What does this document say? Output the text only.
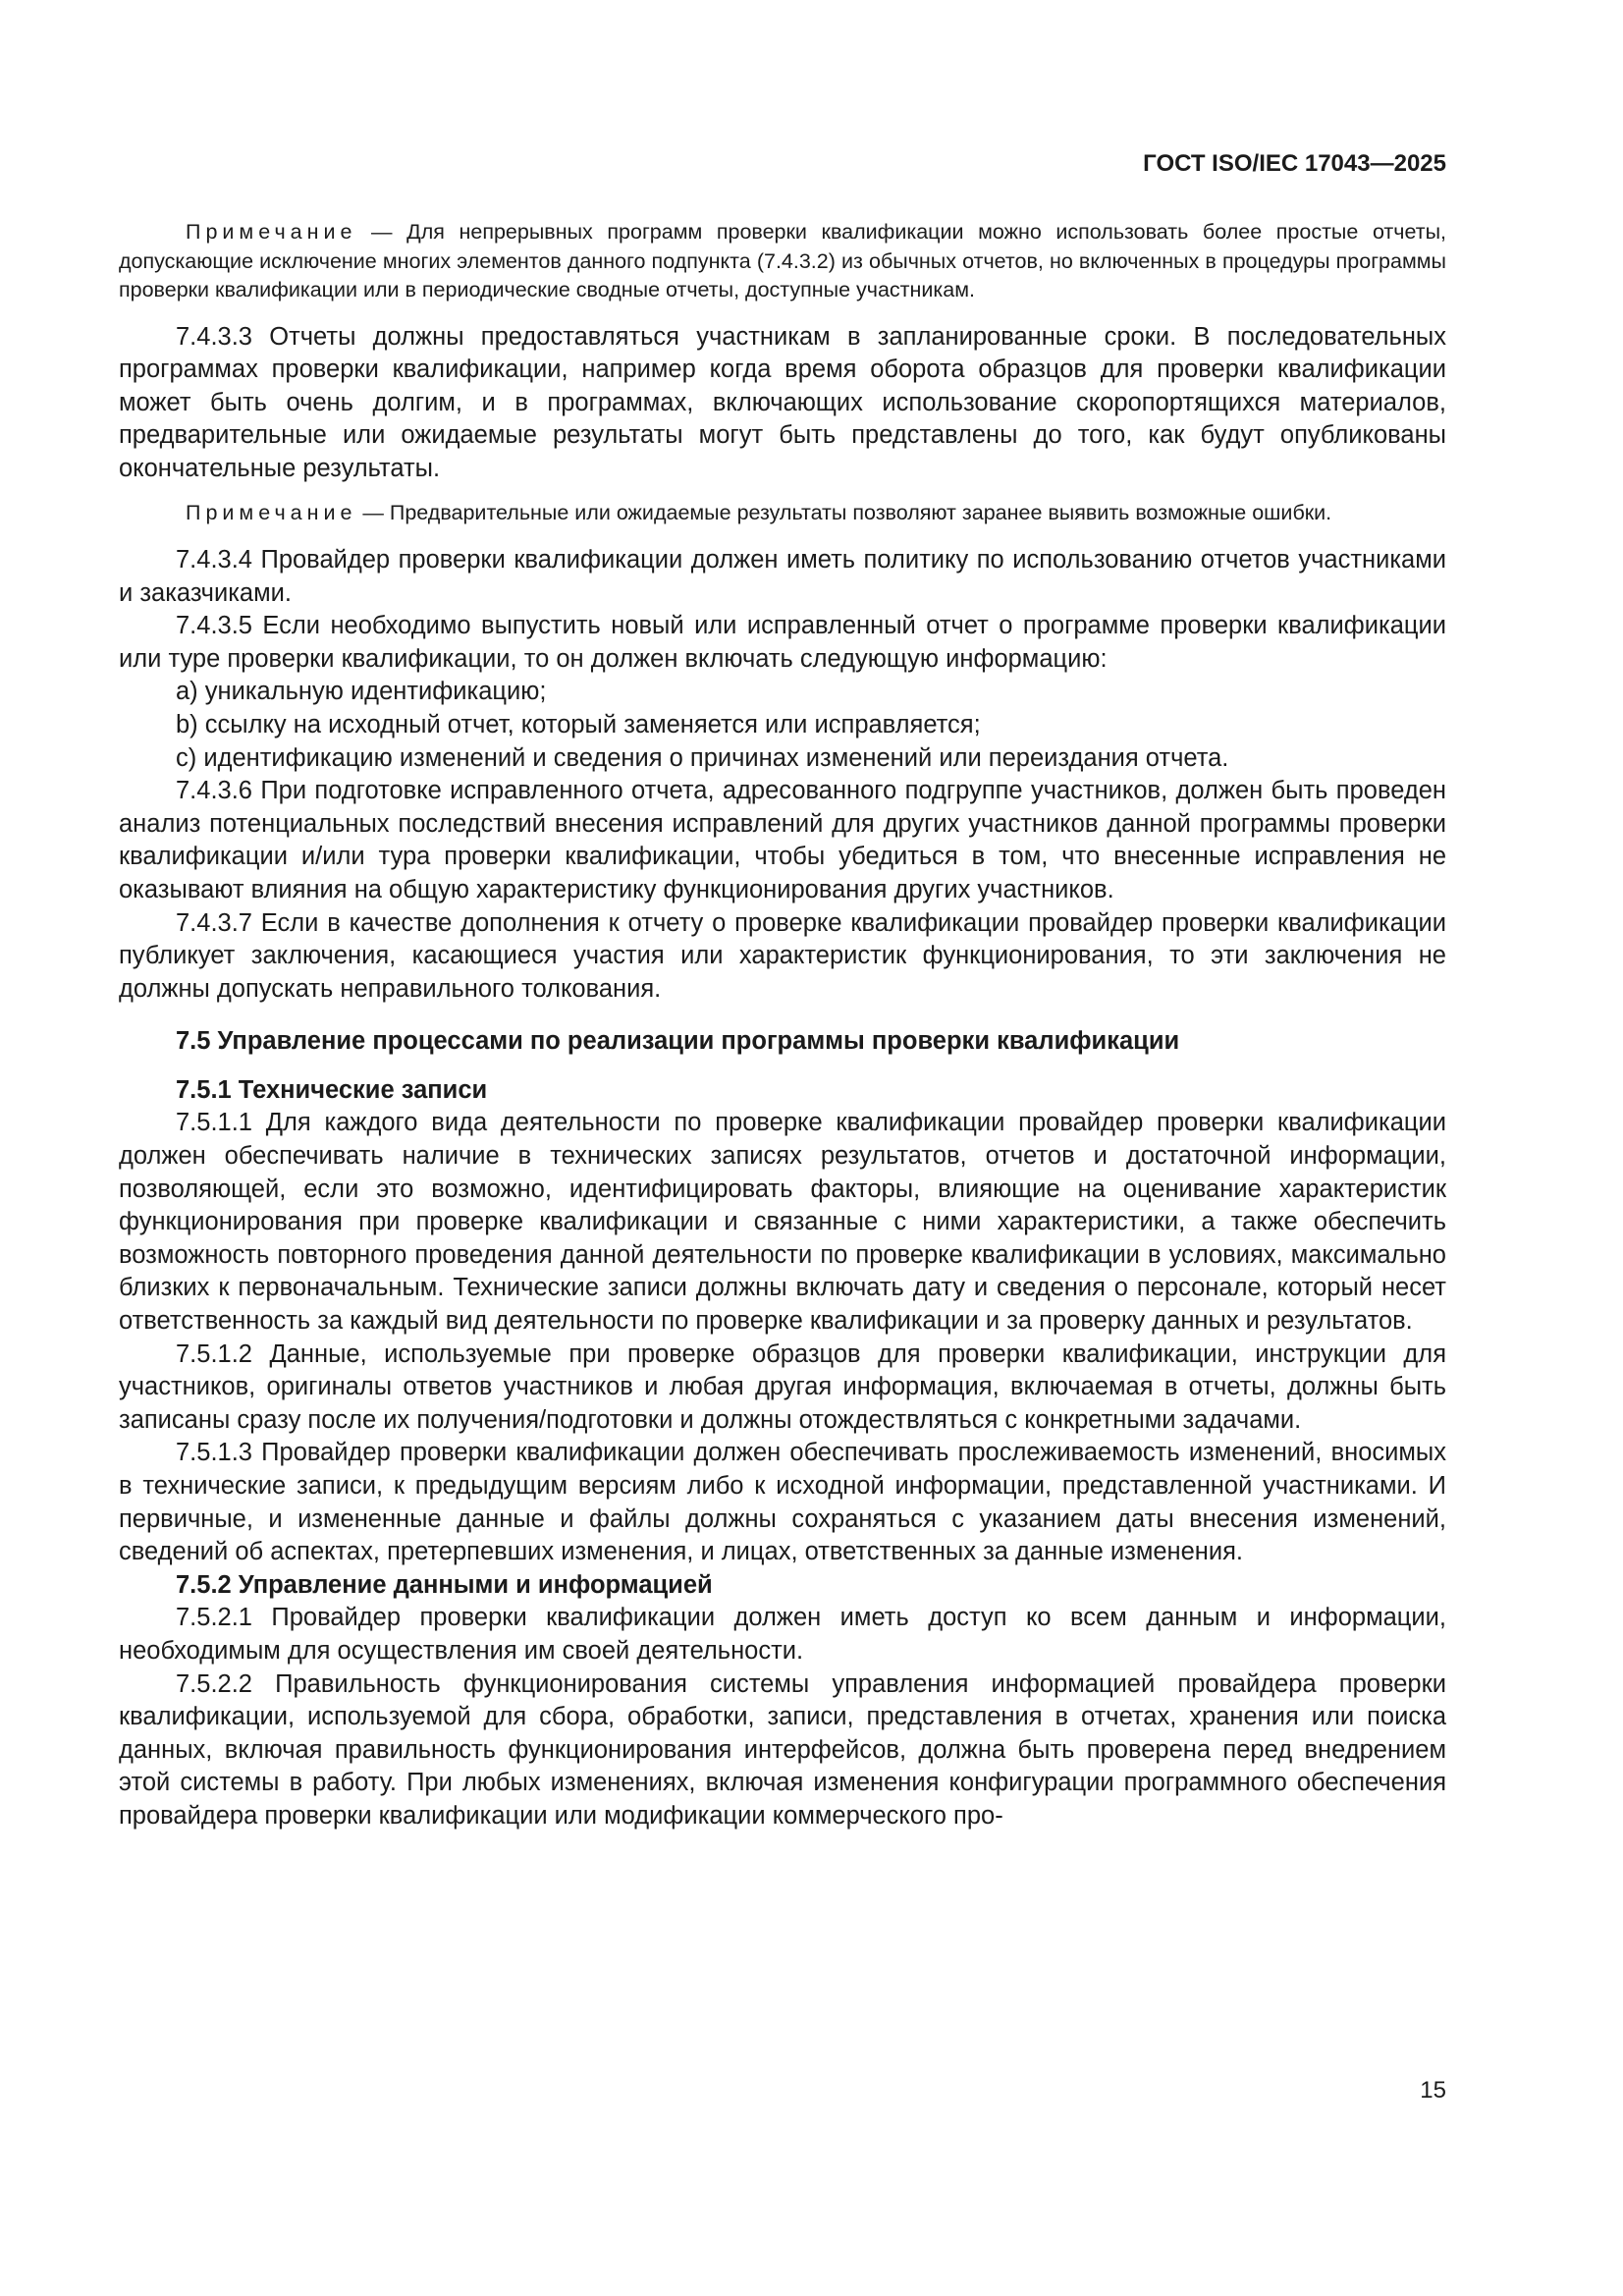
ГОСТ ISO/IEC 17043—2025

Примечание — Для непрерывных программ проверки квалификации можно использовать более простые отчеты, допускающие исключение многих элементов данного подпункта (7.4.3.2) из обычных отчетов, но включенных в процедуры программы проверки квалификации или в периодические сводные отчеты, доступные участникам.

7.4.3.3 Отчеты должны предоставляться участникам в запланированные сроки. В последовательных программах проверки квалификации, например когда время оборота образцов для проверки квалификации может быть очень долгим, и в программах, включающих использование скоропортящихся материалов, предварительные или ожидаемые результаты могут быть представлены до того, как будут опубликованы окончательные результаты.

Примечание — Предварительные или ожидаемые результаты позволяют заранее выявить возможные ошибки.

7.4.3.4 Провайдер проверки квалификации должен иметь политику по использованию отчетов участниками и заказчиками.

7.4.3.5 Если необходимо выпустить новый или исправленный отчет о программе проверки квалификации или туре проверки квалификации, то он должен включать следующую информацию:

a) уникальную идентификацию;

b) ссылку на исходный отчет, который заменяется или исправляется;

c) идентификацию изменений и сведения о причинах изменений или переиздания отчета.

7.4.3.6 При подготовке исправленного отчета, адресованного подгруппе участников, должен быть проведен анализ потенциальных последствий внесения исправлений для других участников данной программы проверки квалификации и/или тура проверки квалификации, чтобы убедиться в том, что внесенные исправления не оказывают влияния на общую характеристику функционирования других участников.

7.4.3.7 Если в качестве дополнения к отчету о проверке квалификации провайдер проверки квалификации публикует заключения, касающиеся участия или характеристик функционирования, то эти заключения не должны допускать неправильного толкования.

7.5 Управление процессами по реализации программы проверки квалификации

7.5.1 Технические записи

7.5.1.1 Для каждого вида деятельности по проверке квалификации провайдер проверки квалификации должен обеспечивать наличие в технических записях результатов, отчетов и достаточной информации, позволяющей, если это возможно, идентифицировать факторы, влияющие на оценивание характеристик функционирования при проверке квалификации и связанные с ними характеристики, а также обеспечить возможность повторного проведения данной деятельности по проверке квалификации в условиях, максимально близких к первоначальным. Технические записи должны включать дату и сведения о персонале, который несет ответственность за каждый вид деятельности по проверке квалификации и за проверку данных и результатов.

7.5.1.2 Данные, используемые при проверке образцов для проверки квалификации, инструкции для участников, оригиналы ответов участников и любая другая информация, включаемая в отчеты, должны быть записаны сразу после их получения/подготовки и должны отождествляться с конкретными задачами.

7.5.1.3 Провайдер проверки квалификации должен обеспечивать прослеживаемость изменений, вносимых в технические записи, к предыдущим версиям либо к исходной информации, представленной участниками. И первичные, и измененные данные и файлы должны сохраняться с указанием даты внесения изменений, сведений об аспектах, претерпевших изменения, и лицах, ответственных за данные изменения.

7.5.2 Управление данными и информацией

7.5.2.1 Провайдер проверки квалификации должен иметь доступ ко всем данным и информации, необходимым для осуществления им своей деятельности.

7.5.2.2 Правильность функционирования системы управления информацией провайдера проверки квалификации, используемой для сбора, обработки, записи, представления в отчетах, хранения или поиска данных, включая правильность функционирования интерфейсов, должна быть проверена перед внедрением этой системы в работу. При любых изменениях, включая изменения конфигурации программного обеспечения провайдера проверки квалификации или модификации коммерческого про-

15
